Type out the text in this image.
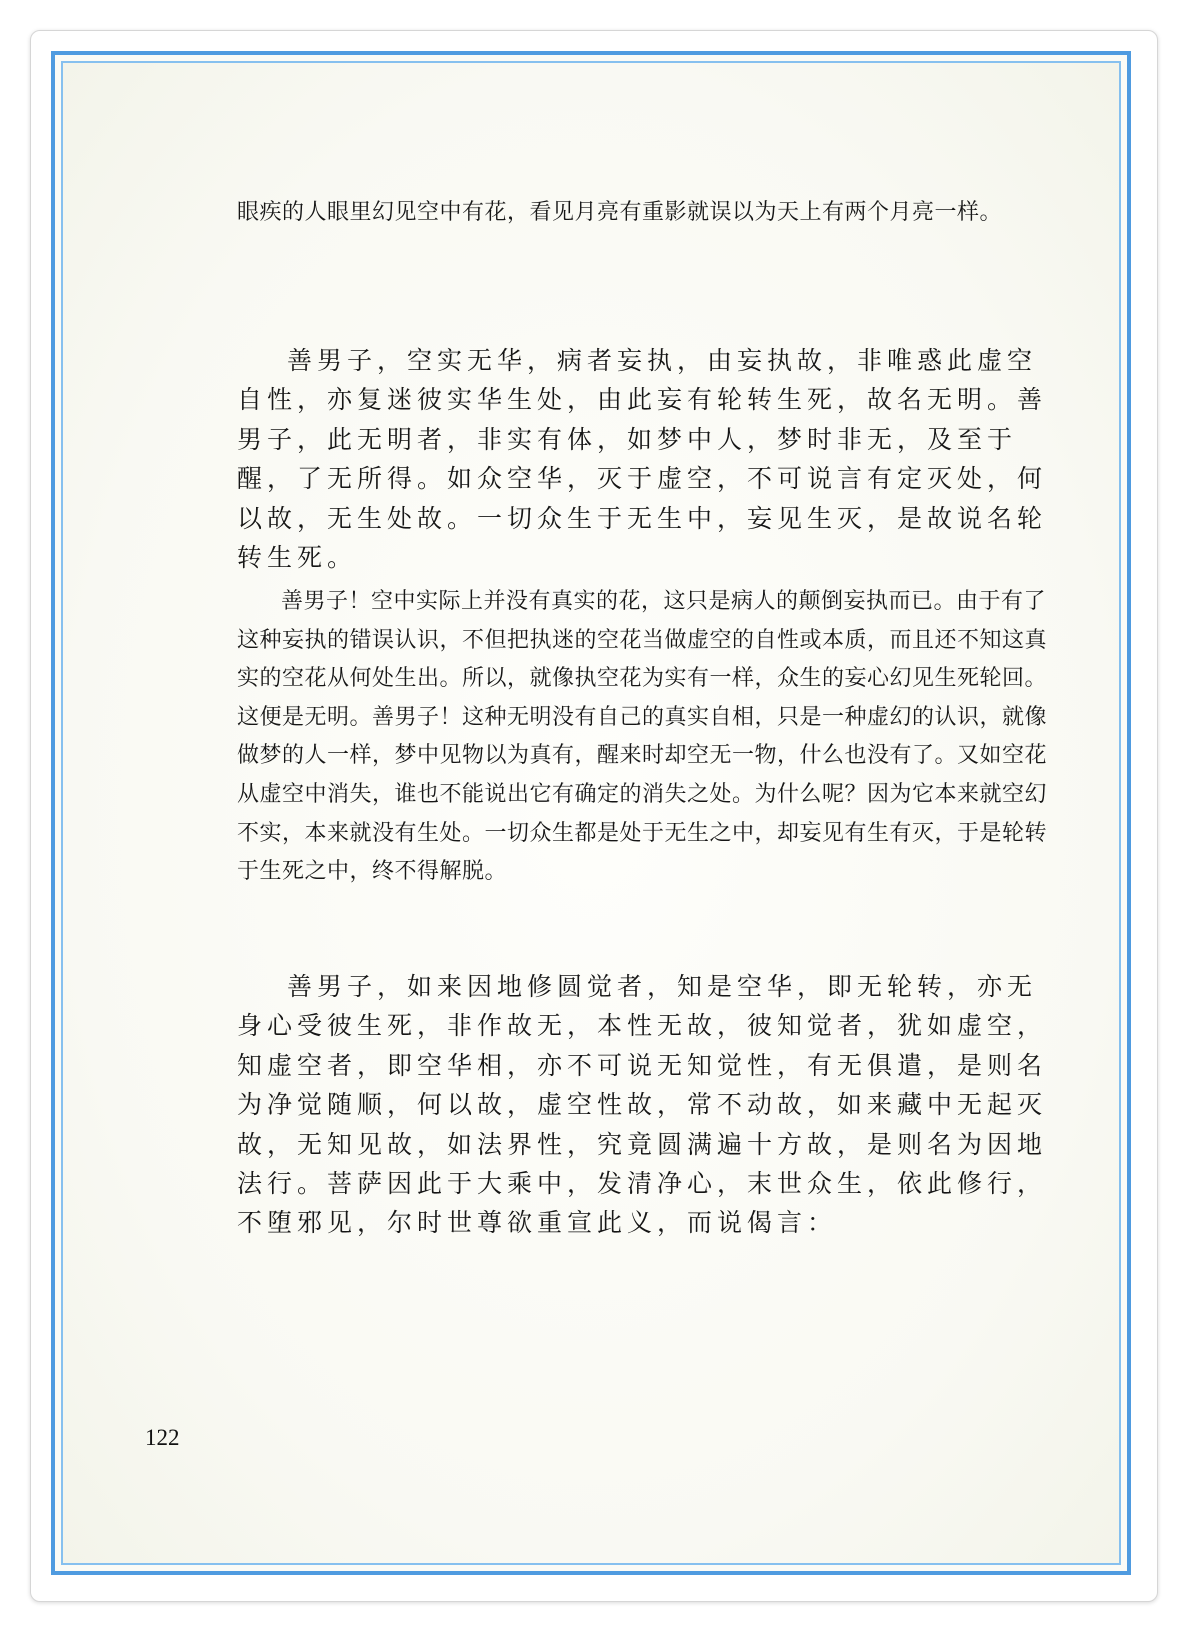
眼疾的人眼里幻见空中有花，看见月亮有重影就误以为天上有两个月亮一样。

善男子，空实无华，病者妄执，由妄执故，非唯惑此虚空自性，亦复迷彼实华生处，由此妄有轮转生死，故名无明。善男子，此无明者，非实有体，如梦中人，梦时非无，及至于醒，了无所得。如众空华，灭于虚空，不可说言有定灭处，何以故，无生处故。一切众生于无生中，妄见生灭，是故说名轮转生死。

善男子！空中实际上并没有真实的花，这只是病人的颠倒妄执而已。由于有了这种妄执的错误认识，不但把执迷的空花当做虚空的自性或本质，而且还不知这真实的空花从何处生出。所以，就像执空花为实有一样，众生的妄心幻见生死轮回。这便是无明。善男子！这种无明没有自己的真实自相，只是一种虚幻的认识，就像做梦的人一样，梦中见物以为真有，醒来时却空无一物，什么也没有了。又如空花从虚空中消失，谁也不能说出它有确定的消失之处。为什么呢？因为它本来就空幻不实，本来就没有生处。一切众生都是处于无生之中，却妄见有生有灭，于是轮转于生死之中，终不得解脱。

善男子，如来因地修圆觉者，知是空华，即无轮转，亦无身心受彼生死，非作故无，本性无故，彼知觉者，犹如虚空，知虚空者，即空华相，亦不可说无知觉性，有无俱遣，是则名为净觉随顺，何以故，虚空性故，常不动故，如来藏中无起灭故，无知见故，如法界性，究竟圆满遍十方故，是则名为因地法行。菩萨因此于大乘中，发清净心，末世众生，依此修行，不堕邪见，尔时世尊欲重宣此义，而说偈言：

122
